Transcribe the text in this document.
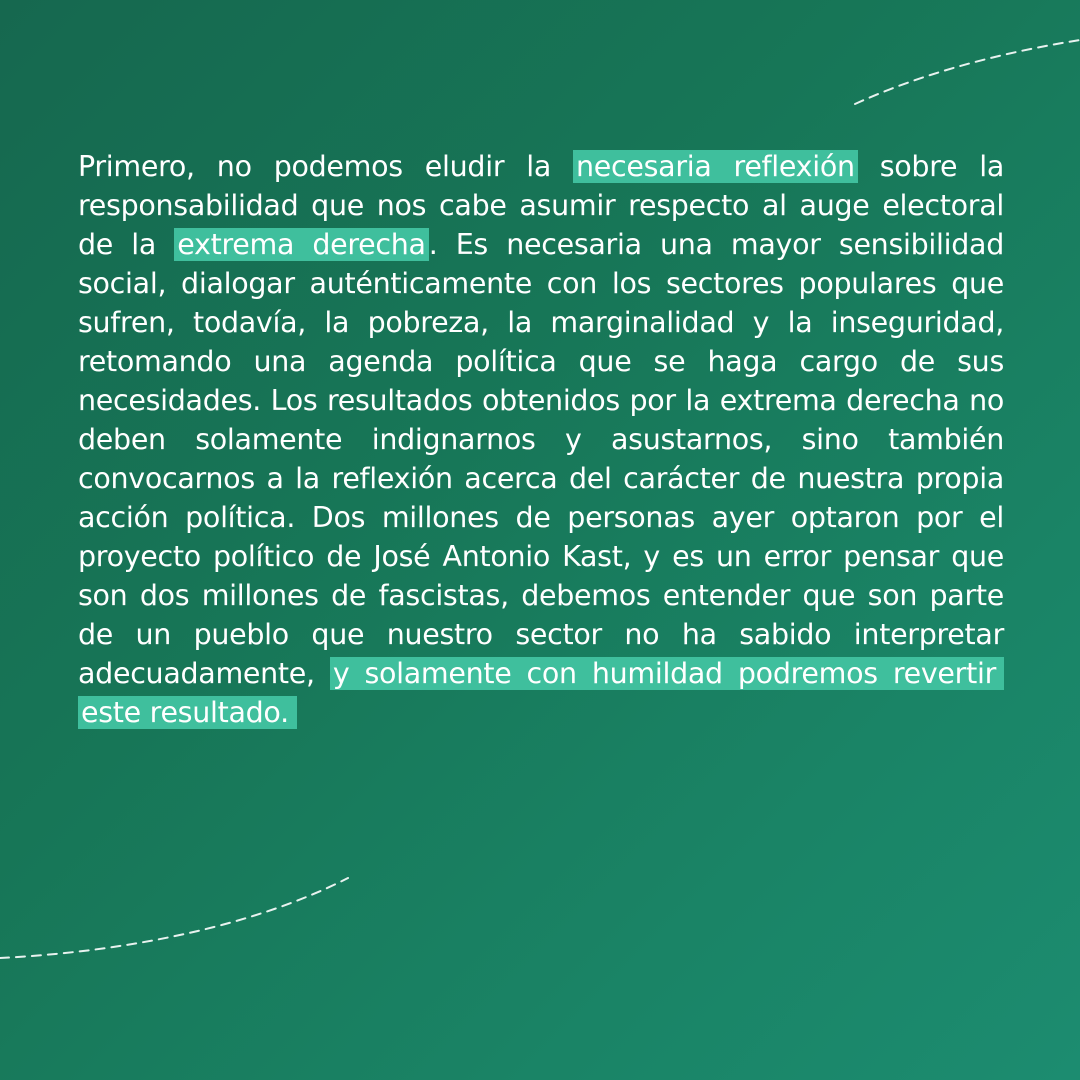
Primero, no podemos eludir la necesaria reflexión sobre la responsabilidad que nos cabe asumir respecto al auge electoral de la extrema derecha . Es necesaria una mayor sensibilidad social, dialogar auténticamente con los sectores populares que sufren, todavía, la pobreza, la marginalidad y la inseguridad, retomando una agenda política que se haga cargo de sus necesidades. Los resultados obtenidos por la extrema derecha no deben solamente indignarnos y asustarnos, sino también convocarnos a la reflexión acerca del carácter de nuestra propia acción política. Dos millones de personas ayer optaron por el proyecto político de José Antonio Kast, y es un error pensar que son dos millones de fascistas, debemos entender que son parte de un pueblo que nuestro sector no ha sabido interpretar adecuadamente, y solamente con humildad podremos revertir este resultado.
